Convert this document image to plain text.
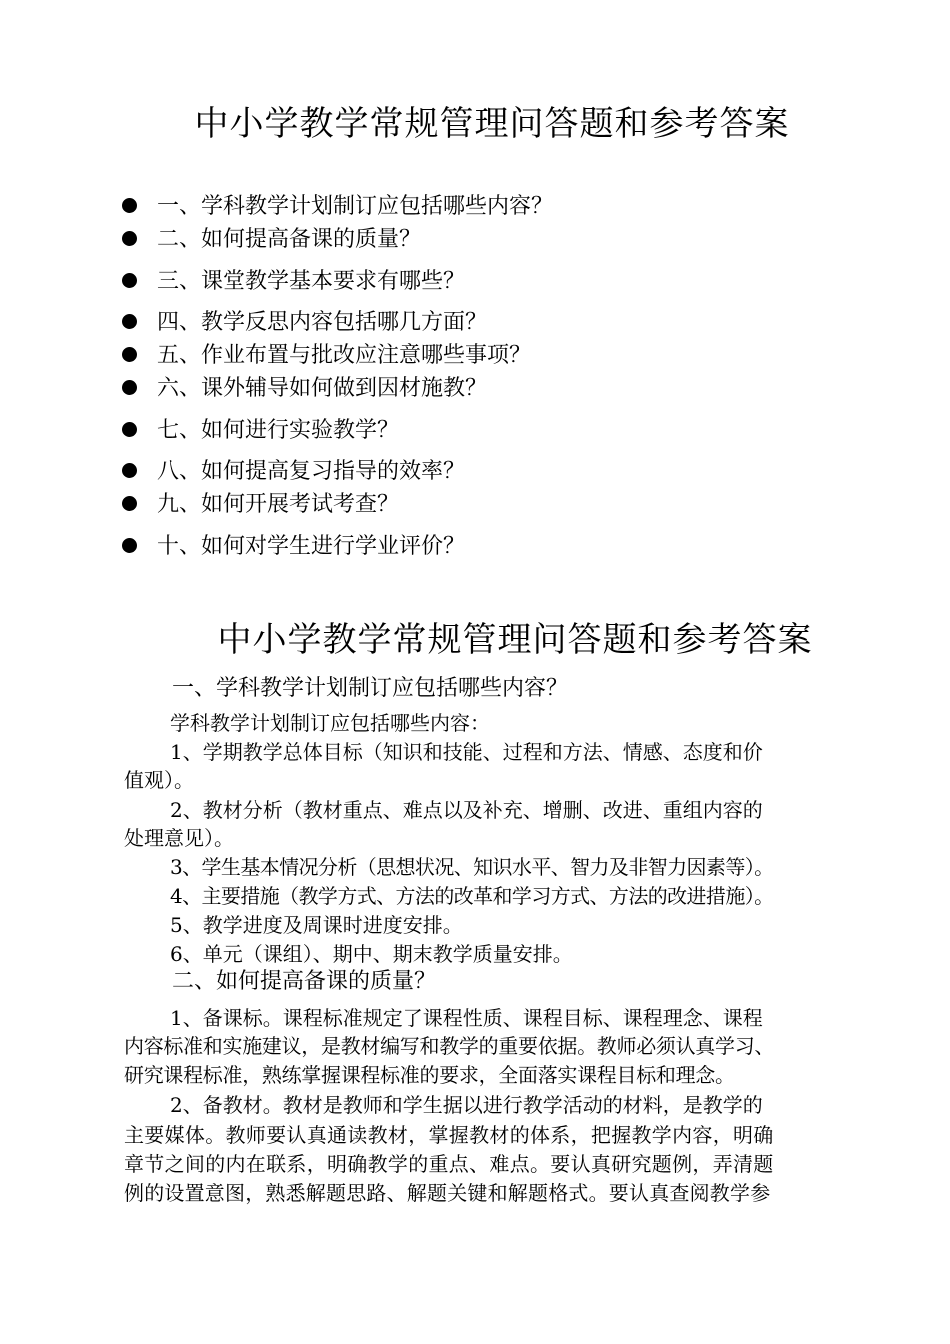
中小学教学常规管理问答题和参考答案
一、学科教学计划制订应包括哪些内容？
二、如何提高备课的质量？
三、课堂教学基本要求有哪些？
四、教学反思内容包括哪几方面？
五、作业布置与批改应注意哪些事项？
六、课外辅导如何做到因材施教？
七、如何进行实验教学？
八、如何提高复习指导的效率？
九、如何开展考试考查？
十、如何对学生进行学业评价？
中小学教学常规管理问答题和参考答案
一、学科教学计划制订应包括哪些内容？
学科教学计划制订应包括哪些内容：
1、学期教学总体目标（知识和技能、过程和方法、情感、态度和价
值观）。
2、教材分析（教材重点、难点以及补充、增删、改进、重组内容的
处理意见）。
3、学生基本情况分析（思想状况、知识水平、智力及非智力因素等）。
4、主要措施（教学方式、方法的改革和学习方式、方法的改进措施）。
5、教学进度及周课时进度安排。
6、单元（课组）、期中、期末教学质量安排。
二、如何提高备课的质量？
1、备课标。课程标准规定了课程性质、课程目标、课程理念、课程
内容标准和实施建议，是教材编写和教学的重要依据。教师必须认真学习、
研究课程标准，熟练掌握课程标准的要求，全面落实课程目标和理念。
2、备教材。教材是教师和学生据以进行教学活动的材料，是教学的
主要媒体。教师要认真通读教材，掌握教材的体系，把握教学内容，明确
章节之间的内在联系，明确教学的重点、难点。要认真研究题例，弄清题
例的设置意图，熟悉解题思路、解题关键和解题格式。要认真查阅教学参
